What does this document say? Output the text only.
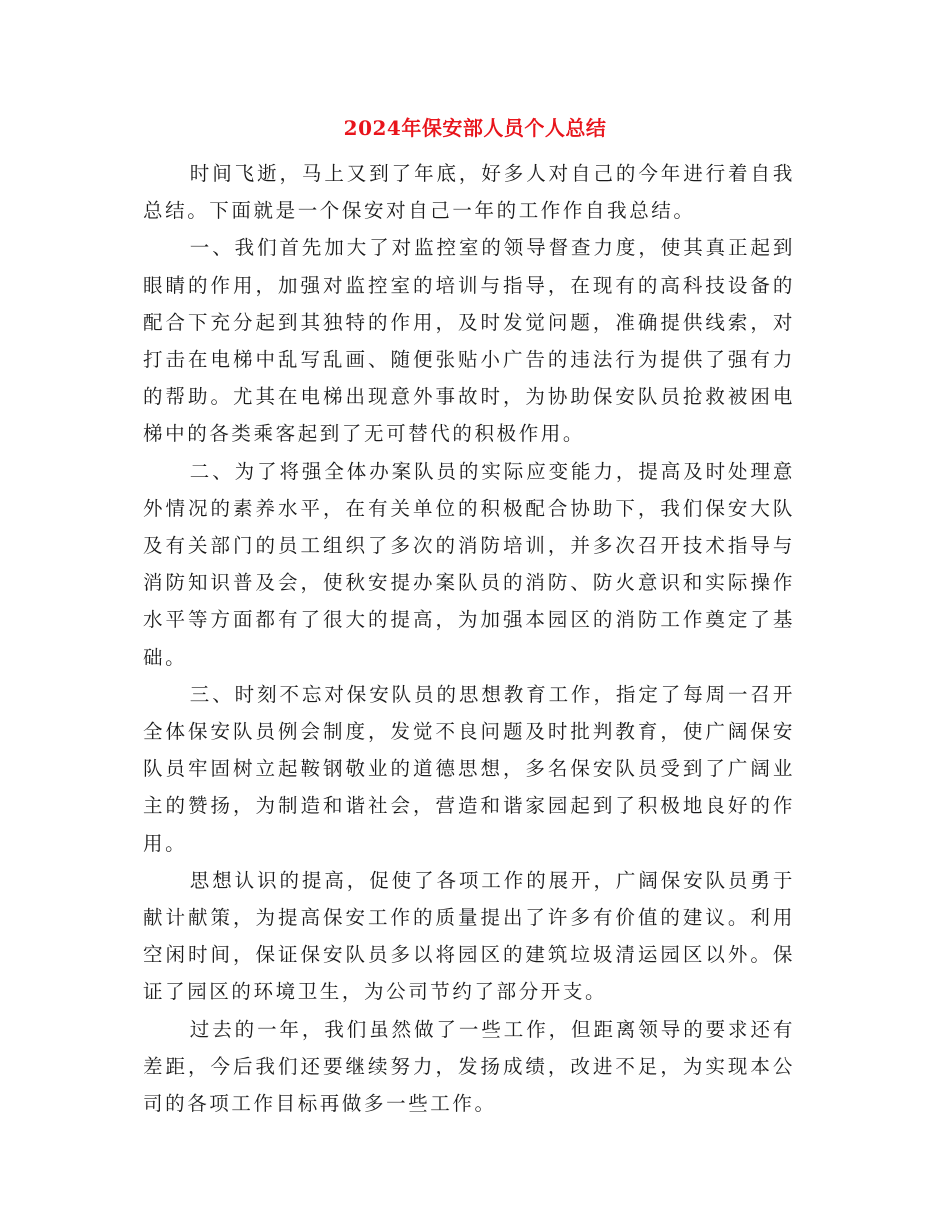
2024年保安部人员个人总结

时间飞逝，马上又到了年底，好多人对自己的今年进行着自我总结。下面就是一个保安对自己一年的工作作自我总结。

一、我们首先加大了对监控室的领导督查力度，使其真正起到眼睛的作用，加强对监控室的培训与指导，在现有的高科技设备的配合下充分起到其独特的作用，及时发觉问题，准确提供线索，对打击在电梯中乱写乱画、随便张贴小广告的违法行为提供了强有力的帮助。尤其在电梯出现意外事故时，为协助保安队员抢救被困电梯中的各类乘客起到了无可替代的积极作用。

二、为了将强全体办案队员的实际应变能力，提高及时处理意外情况的素养水平，在有关单位的积极配合协助下，我们保安大队及有关部门的员工组织了多次的消防培训，并多次召开技术指导与消防知识普及会，使秋安提办案队员的消防、防火意识和实际操作水平等方面都有了很大的提高，为加强本园区的消防工作奠定了基础。

三、时刻不忘对保安队员的思想教育工作，指定了每周一召开全体保安队员例会制度，发觉不良问题及时批判教育，使广阔保安队员牢固树立起鞍钢敬业的道德思想，多名保安队员受到了广阔业主的赞扬，为制造和谐社会，营造和谐家园起到了积极地良好的作用。

思想认识的提高，促使了各项工作的展开，广阔保安队员勇于献计献策，为提高保安工作的质量提出了许多有价值的建议。利用空闲时间，保证保安队员多以将园区的建筑垃圾清运园区以外。保证了园区的环境卫生，为公司节约了部分开支。

过去的一年，我们虽然做了一些工作，但距离领导的要求还有差距，今后我们还要继续努力，发扬成绩，改进不足，为实现本公司的各项工作目标再做多一些工作。
